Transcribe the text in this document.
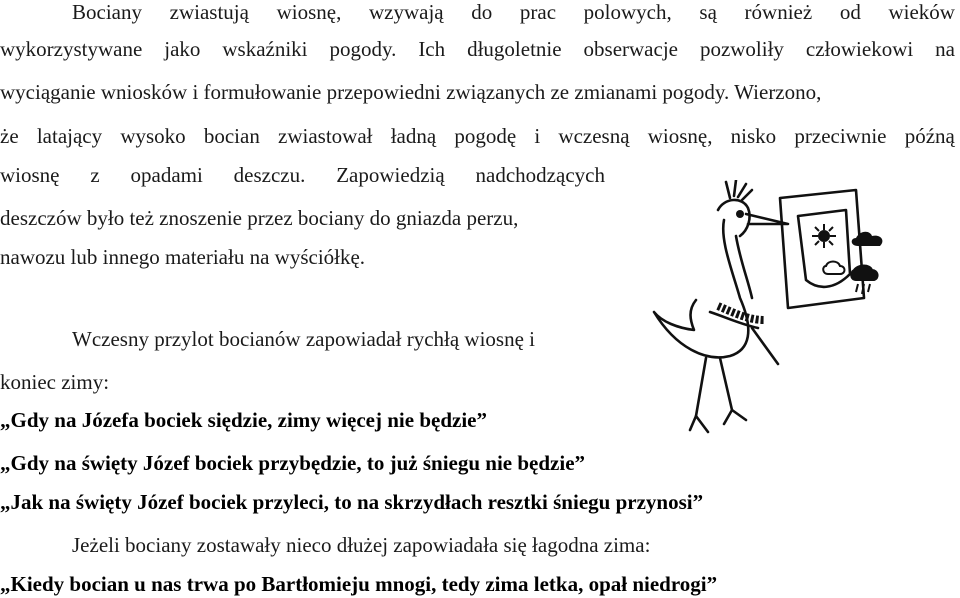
Bociany zwiastują wiosnę, wzywają do prac polowych, są również od wieków
wykorzystywane jako wskaźniki pogody. Ich długoletnie obserwacje pozwoliły człowiekowi na
wyciąganie wniosków i formułowanie przepowiedni związanych ze zmianami pogody. Wierzono,
że latający wysoko bocian zwiastował ładną pogodę i wczesną wiosnę, nisko przeciwnie późną
wiosnę z opadami deszczu. Zapowiedzią nadchodzących
deszczów było też znoszenie przez bociany do gniazda perzu,
nawozu lub innego materiału na wyściółkę.
Wczesny przylot bocianów zapowiadał rychłą wiosnę i
koniec zimy:
„Gdy na Józefa bociek siędzie, zimy więcej nie będzie”
„Gdy na święty Józef bociek przybędzie, to już śniegu nie będzie”
„Jak na święty Józef bociek przyleci, to na skrzydłach resztki śniegu przynosi”
Jeżeli bociany zostawały nieco dłużej zapowiadała się łagodna zima:
„Kiedy bocian u nas trwa po Bartłomieju mnogi, tedy zima letka, opał niedrogi”
